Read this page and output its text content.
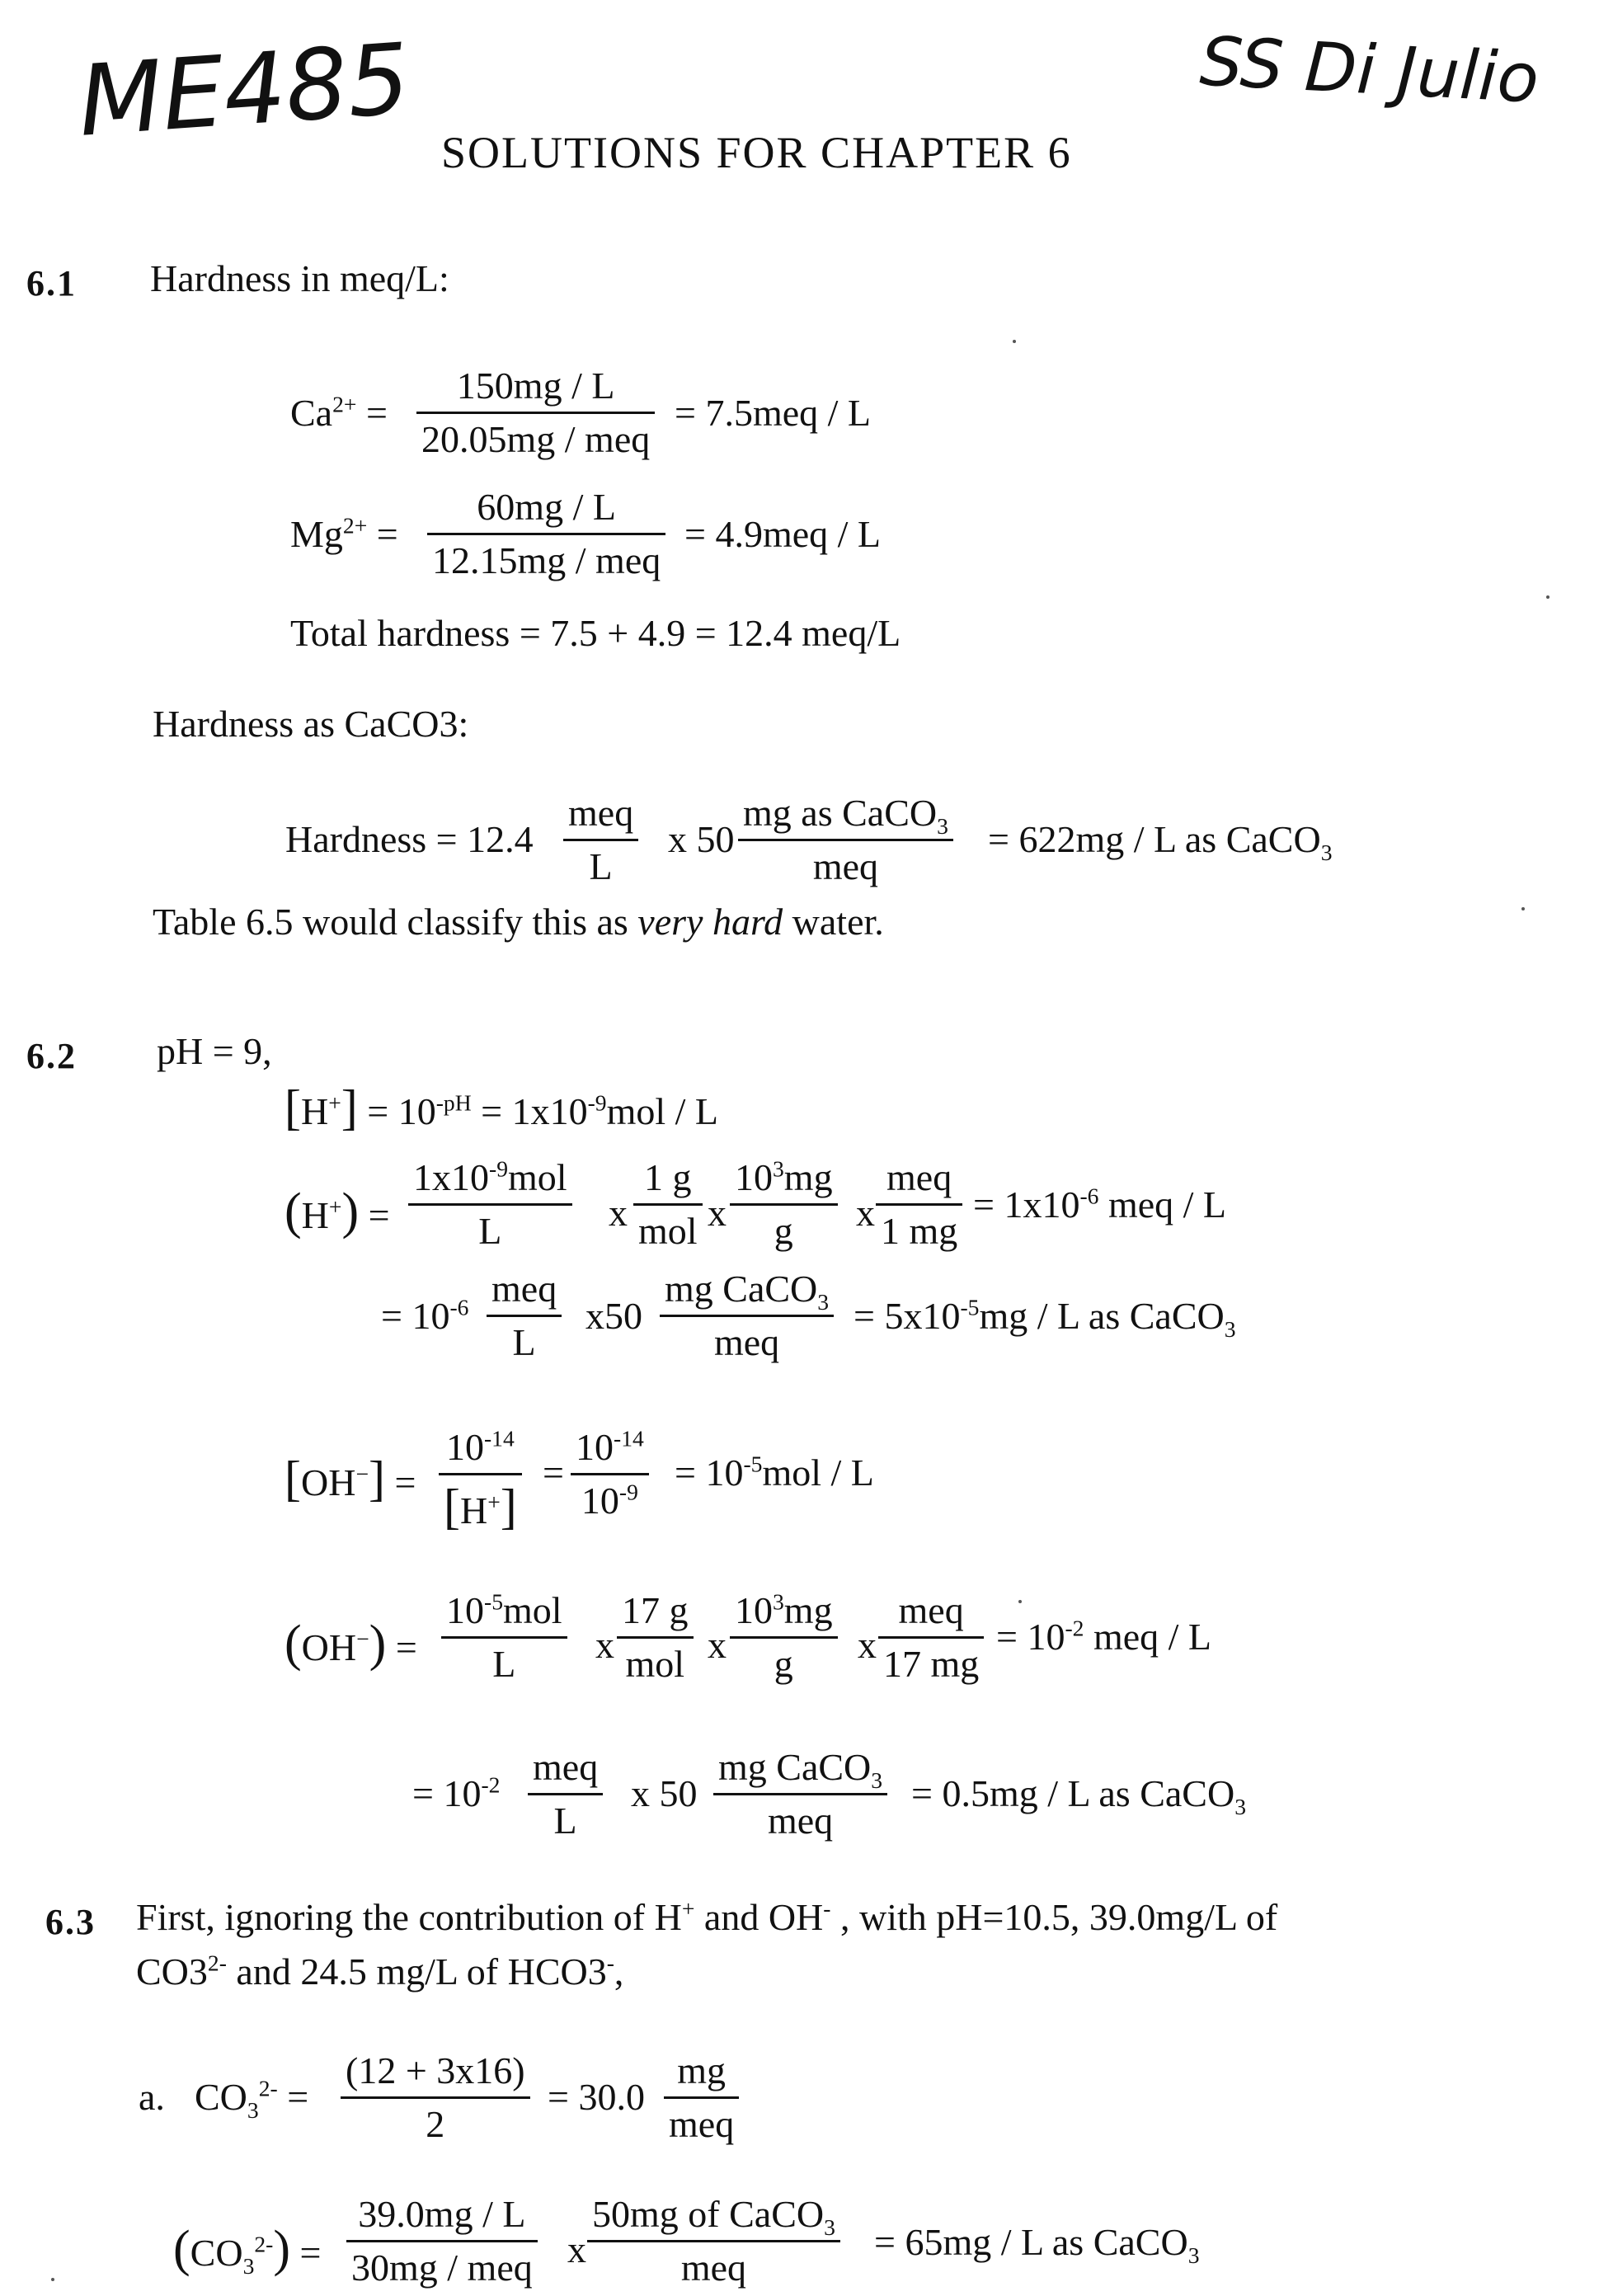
ME485	SS Di Julio
SOLUTIONS FOR CHAPTER 6
6.1 Hardness in meq/L:
$Ca^{2+}$ =
150mg / L
20.05mg / meq
= 7.5meq / L
$Mg^{2+}$ =
60mg / L
12.15mg / meq
= 4.9meq / L
Total hardness = 7.5 + 4.9 = 12.4 meq/L
Hardness as CaCO3:
Hardness = 12.4
meq
L
x 50
mg as CaCO$_3$
meq
= 622mg / L as CaCO$_3$
Table 6.5 would classify this as very hard water.
6.2 pH = 9,
$[H^+] = 10^{-pH} = 1x10^{-9}mol / L$
(H+) =
$1x10^{-9}mol$
L	x
1 g
mol x
$10^3mg$
g x
meq
1 mg
= $1x10^{-6}$ meq / L
= $10^{-6}$ meq
L
x50
mg CaCO$_3$
meq
= $5x10^{-5}mg$ / L as CaCO$_3$
[OH−] =
$10^{-14}$
[H+]
=
$10^{-14}$
$10^{-9} = 10^{-5}mol / L$
(OH−) =
$10^{-5}mol$
L x
17 g
mol x
$10^3mg$
g x
meq
17 mg
= $10^{-2}$ meq / L
= $10^{-2}$ meq
L
x 50
mg CaCO$_3$
meq
= 0.5mg / L as CaCO$_3$
6.3 First, ignoring the contribution of H+ and OH- , with pH=10.5, 39.0mg/L of
$CO3^{2-}$ and 24.5 mg/L of HCO3-,
a. $CO_3^{2-}$ =
(12 + 3x16)
2
= 30.0
mg
meq
$(CO_3^{2-})$ =
39.0mg / L
30mg / meq x
50mg of CaCO$_3$
meq
= 65mg / L as CaCO$_3$
